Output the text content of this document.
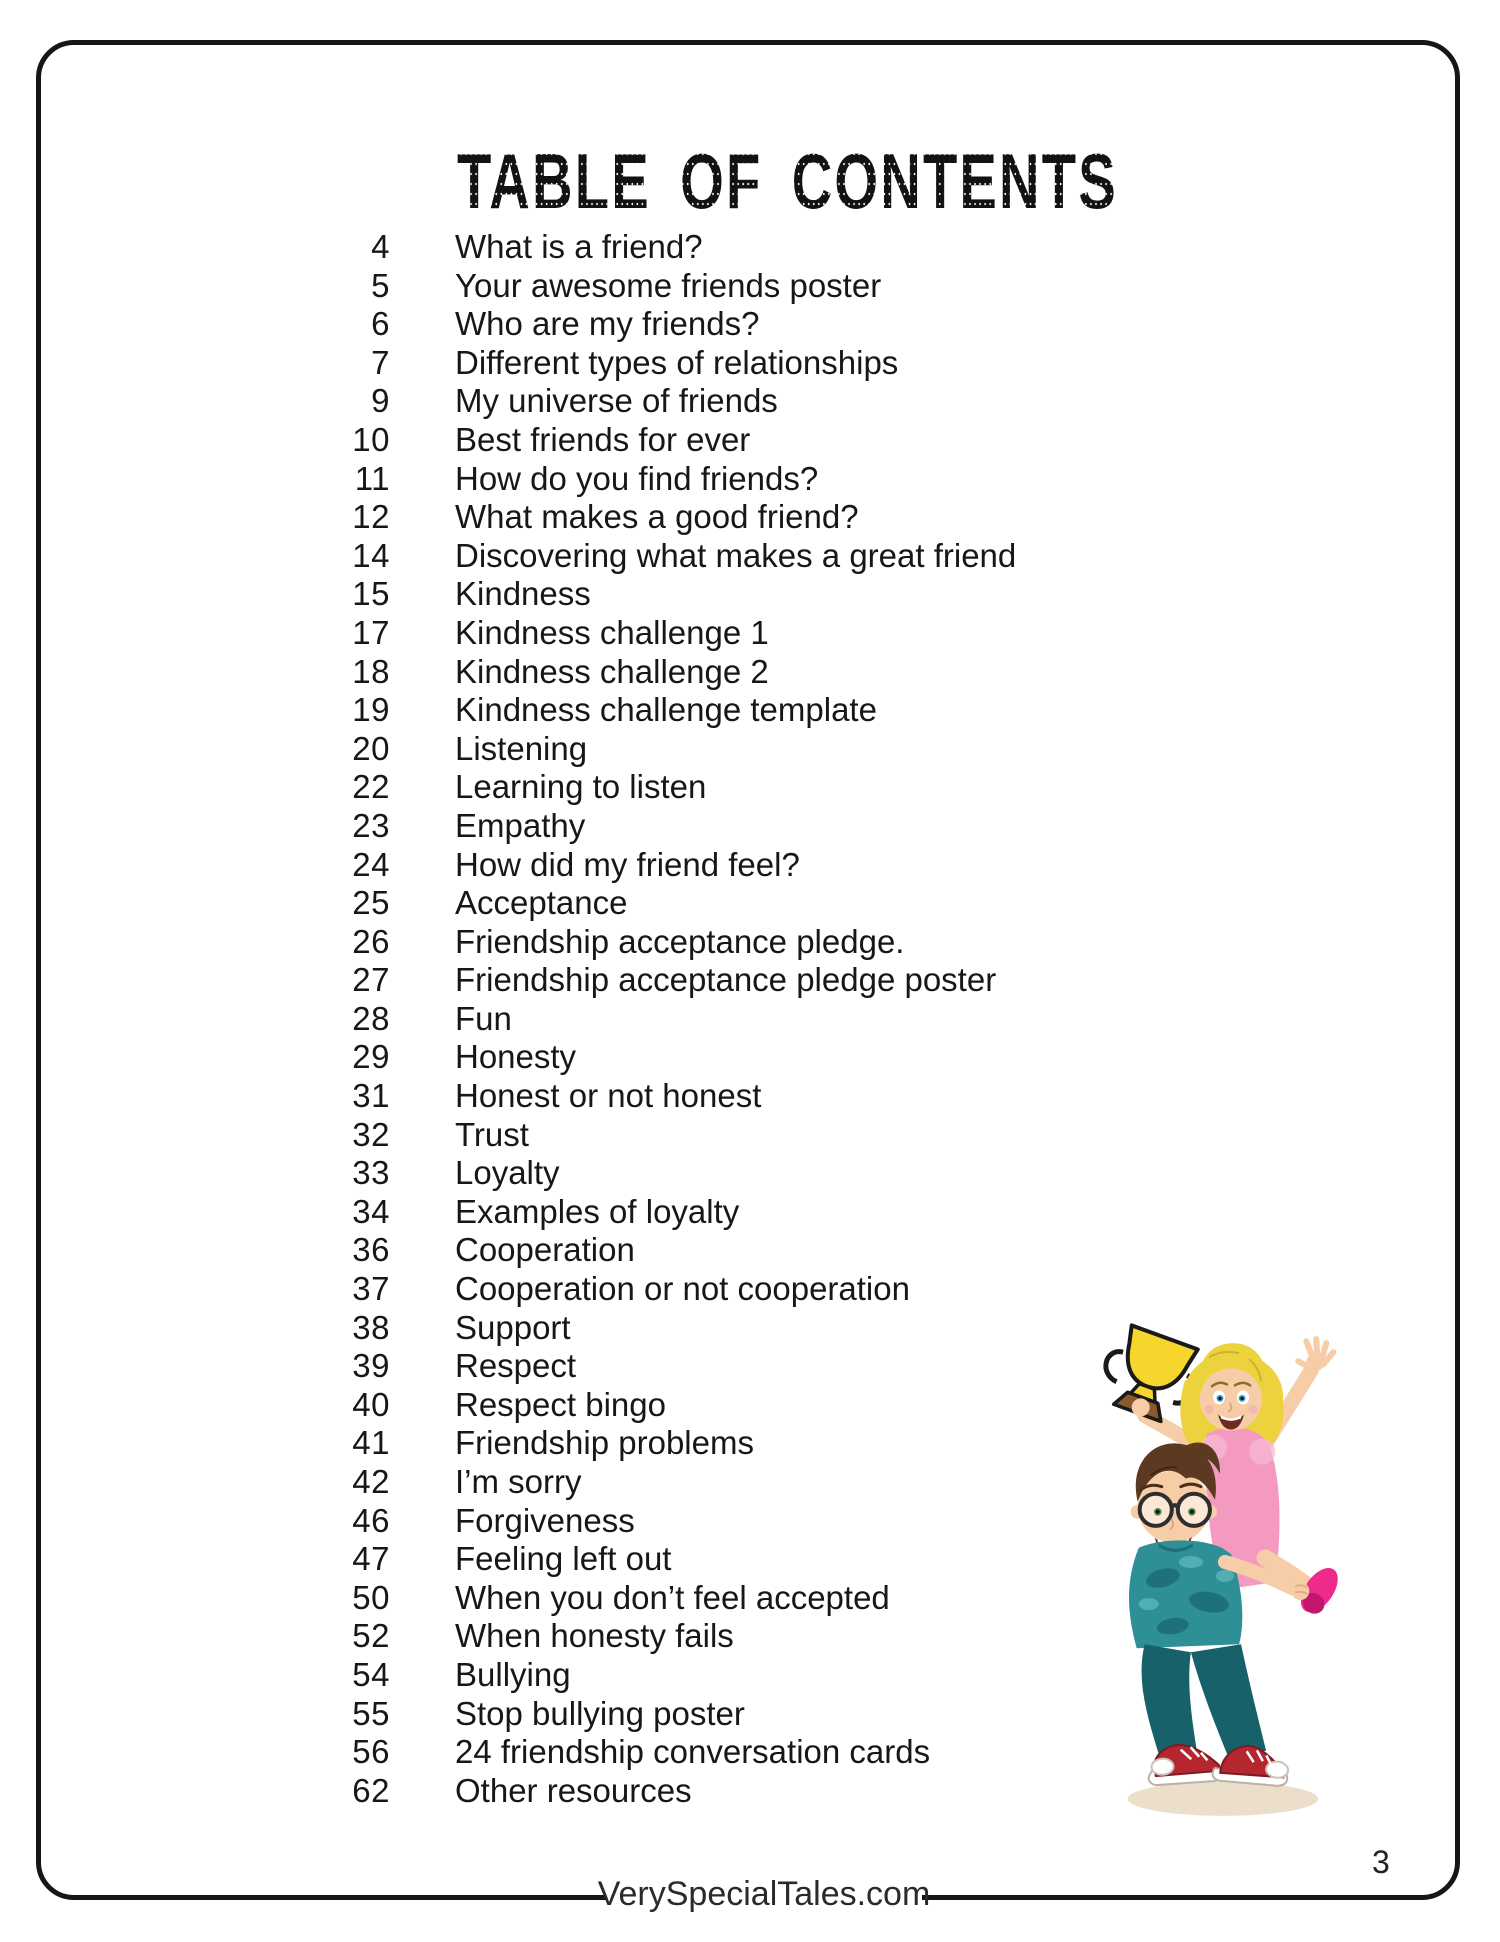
TABLE OF CONTENTS
4 What is a friend?
5 Your awesome friends poster
6 Who are my friends?
7 Different types of relationships
9 My universe of friends
10 Best friends for ever
11 How do you find friends?
12 What makes a good friend?
14 Discovering what makes a great friend
15 Kindness
17 Kindness challenge 1
18 Kindness challenge 2
19 Kindness challenge template
20 Listening
22 Learning to listen
23 Empathy
24 How did my friend feel?
25 Acceptance
26 Friendship acceptance pledge.
27 Friendship acceptance pledge poster
28 Fun
29 Honesty
31 Honest or not honest
32 Trust
33 Loyalty
34 Examples of loyalty
36 Cooperation
37 Cooperation or not cooperation
38 Support
39 Respect
40 Respect bingo
41 Friendship problems
42 I’m sorry
46 Forgiveness
47 Feeling left out
50 When you don’t feel accepted
52 When honesty fails
54 Bullying
55 Stop bullying poster
56 24 friendship conversation cards
62 Other resources
3
VerySpecialTales.com
